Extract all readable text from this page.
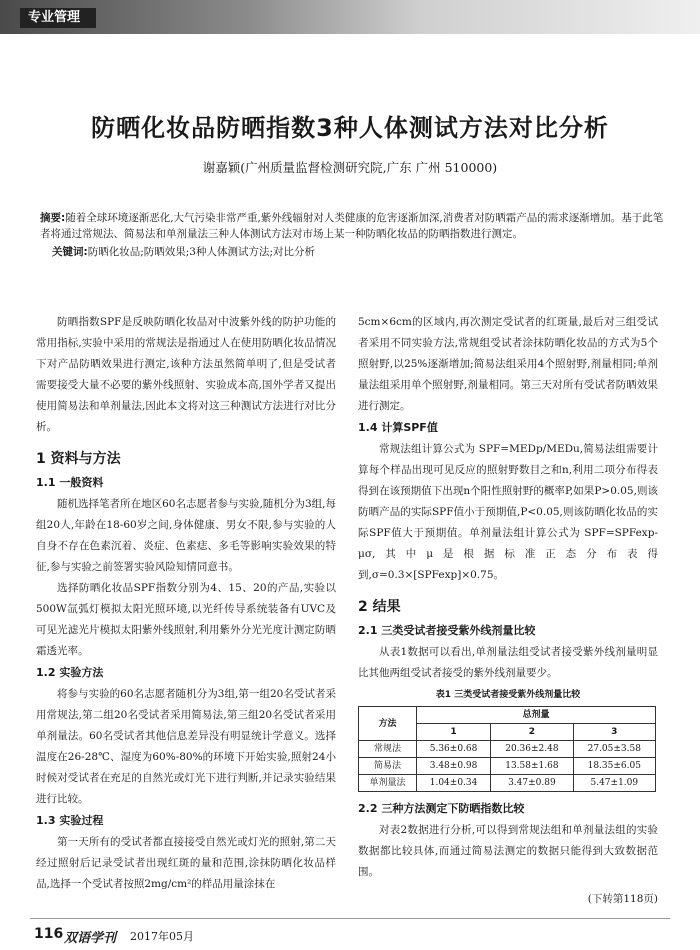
专业管理
防晒化妆品防晒指数3种人体测试方法对比分析
谢嘉颖(广州质量监督检测研究院,广东 广州 510000)
摘要:随着全球环境逐渐恶化,大气污染非常严重,紫外线辐射对人类健康的危害逐渐加深,消费者对防晒霜产品的需求逐渐增加。基于此笔者将通过常规法、简易法和单剂量法三种人体测试方法对市场上某一种防晒化妆品的防晒指数进行测定。
关键词:防晒化妆品;防晒效果;3种人体测试方法;对比分析

防晒指数SPF是反映防晒化妆品对中波紫外线的防护功能的常用指标,实验中采用的常规法是指通过人在使用防晒化妆品情况下对产品防晒效果进行测定,该种方法虽然简单明了,但是受试者需要接受大量不必要的紫外线照射、实验成本高,国外学者又提出使用简易法和单剂量法,因此本文将对这三种测试方法进行对比分析。

1 资料与方法
1.1 一般资料

随机选择笔者所在地区60名志愿者参与实验,随机分为3组,每组20人,年龄在18-60岁之间,身体健康、男女不限,参与实验的人自身不存在色素沉着、炎症、色素痣、多毛等影响实验效果的特征,参与实验之前签署实验风险知情同意书。

选择防晒化妆品SPF指数分别为4、15、20的产品,实验以500W氙弧灯模拟太阳光照环境,以光纤传导系统装备有UVC及可见光滤光片模拟太阳紫外线照射,利用紫外分光光度计测定防晒霜透光率。

1.2 实验方法

将参与实验的60名志愿者随机分为3组,第一组20名受试者采用常规法,第二组20名受试者采用简易法,第三组20名受试者采用单剂量法。60名受试者其他信息差异没有明显统计学意义。选择温度在26-28℃、湿度为60%-80%的环境下开始实验,照射24小时候对受试者在充足的自然光或灯光下进行判断,并记录实验结果进行比较。

1.3 实验过程

第一天所有的受试者都直接接受自然光或灯光的照射,第二天经过照射后记录受试者出现红斑的量和范围,涂抹防晒化妆品样品,选择一个受试者按照2mg/cm²的样品用量涂抹在

5cm×6cm的区域内,再次测定受试者的红斑量,最后对三组受试者采用不同实验方法,常规组受试者涂抹防晒化妆品的方式为5个照射野,以25%逐渐增加;简易法组采用4个照射野,剂量相同;单剂量法组采用单个照射野,剂量相同。第三天对所有受试者防晒效果进行测定。

1.4 计算SPF值

常规法组计算公式为 SPF=MEDp/MEDu,简易法组需要计算每个样品出现可见反应的照射野数目之和n,利用二项分布得表得到在该预期值下出现n个阳性照射野的概率P,如果P>0.05,则该防晒产品的实际SPF值小于预期值,P<0.05,则该防晒化妆品的实际SPF值大于预期值。单剂量法组计算公式为 SPF=SPFexp-μσ,其中μ是根据标准正态分布表得到,σ=0.3×[SPFexp]×0.75。

2 结果
2.1 三类受试者接受紫外线剂量比较

从表1数据可以看出,单剂量法组受试者接受紫外线剂量明显比其他两组受试者接受的紫外线剂量要少。

表1 三类受试者接受紫外线剂量比较
方法	总剂量		
	1	2	3
常规法	5.36±0.68	20.36±2.48	27.05±3.58
简易法	3.48±0.98	13.58±1.68	18.35±6.05
单剂量法	1.04±0.34	3.47±0.89	5.47±1.09
2.2 三种方法测定下防晒指数比较

对表2数据进行分析,可以得到常规法组和单剂量法组的实验数据都比较具体,而通过简易法测定的数据只能得到大致数据范围。

(下转第118页)
116 双语学刊 2017年05月
